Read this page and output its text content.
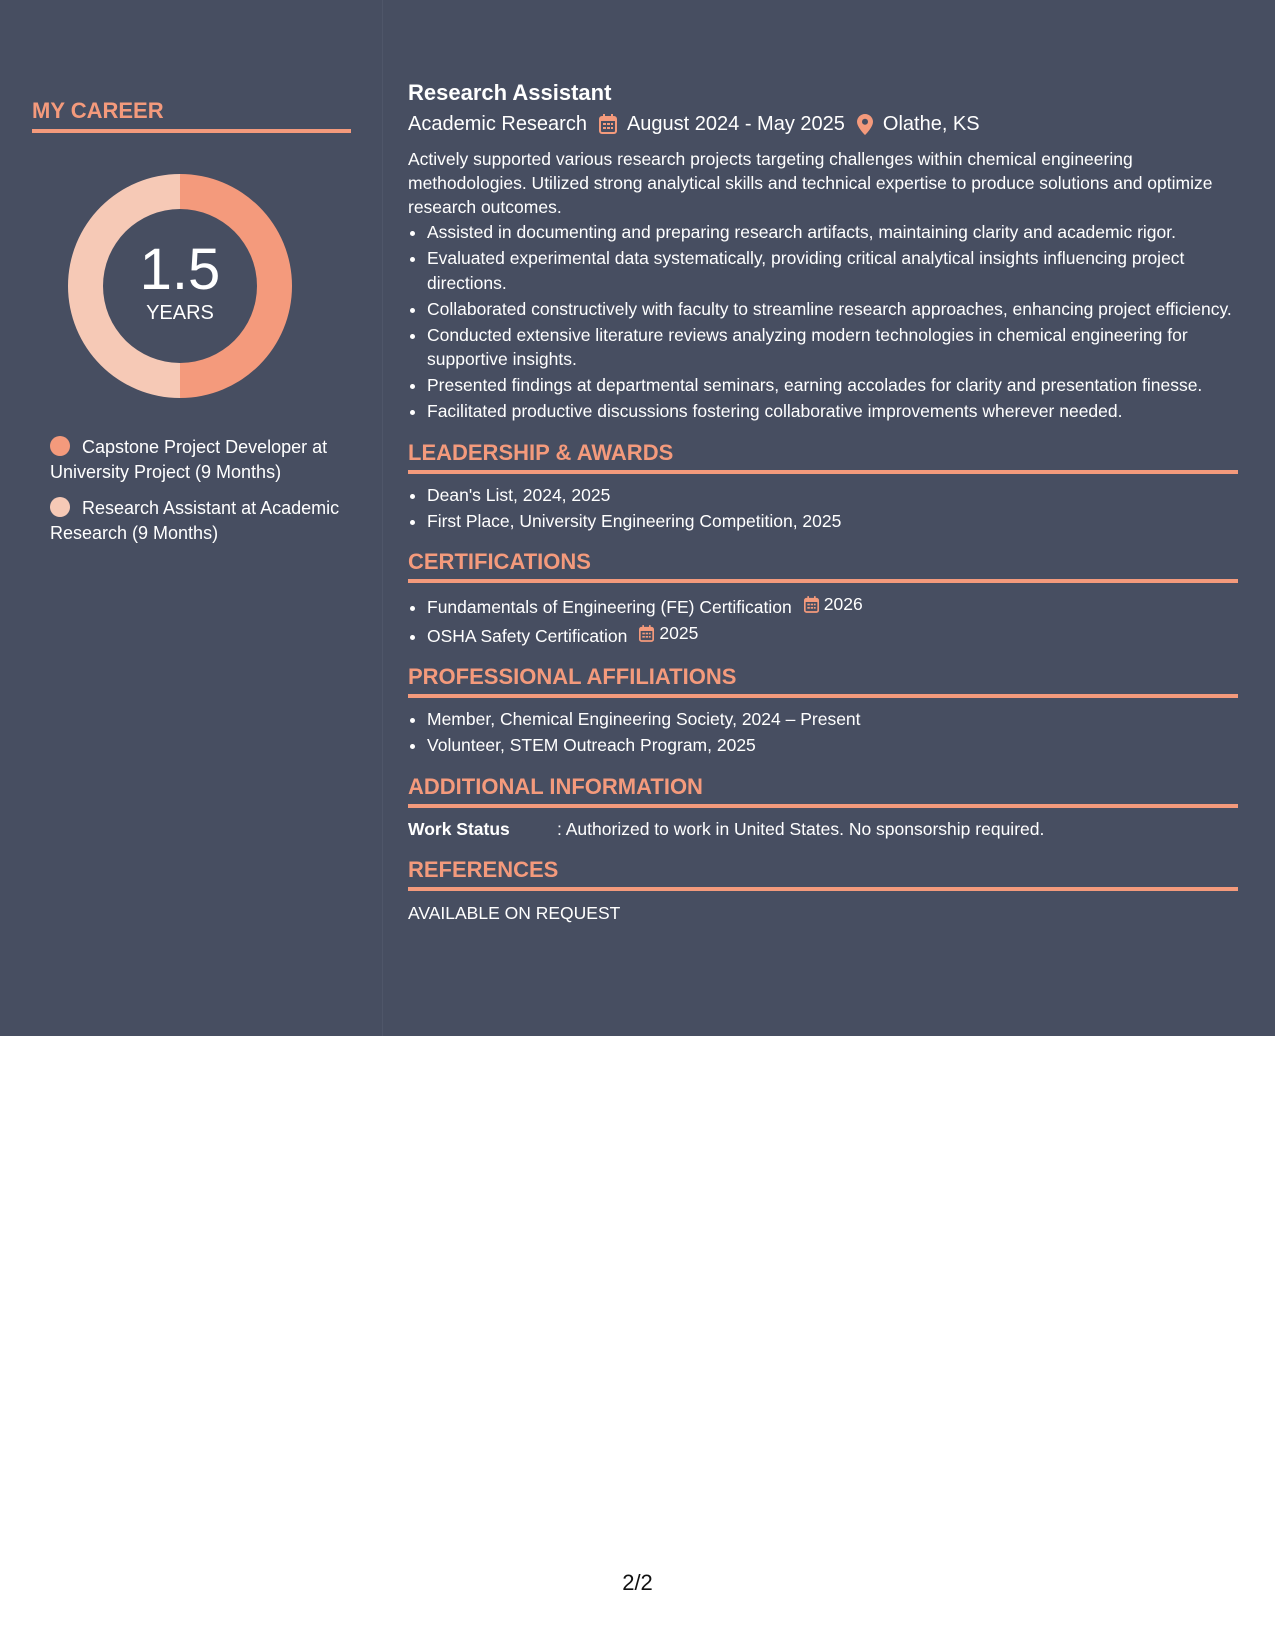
MY CAREER
1.5
YEARS
Capstone Project Developer at University Project (9 Months)
Research Assistant at Academic Research (9 Months)
Research Assistant
Academic Research August 2024 - May 2025 Olathe, KS

Actively supported various research projects targeting challenges within chemical engineering methodologies. Utilized strong analytical skills and technical expertise to produce solutions and optimize research outcomes.

• Assisted in documenting and preparing research artifacts, maintaining clarity and academic rigor.
• Evaluated experimental data systematically, providing critical analytical insights influencing project directions.
• Collaborated constructively with faculty to streamline research approaches, enhancing project efficiency.
• Conducted extensive literature reviews analyzing modern technologies in chemical engineering for supportive insights.
• Presented findings at departmental seminars, earning accolades for clarity and presentation finesse.
• Facilitated productive discussions fostering collaborative improvements wherever needed.
LEADERSHIP & AWARDS
• Dean's List, 2024, 2025
• First Place, University Engineering Competition, 2025
CERTIFICATIONS
• Fundamentals of Engineering (FE) Certification 2026
• OSHA Safety Certification 2025
PROFESSIONAL AFFILIATIONS
• Member, Chemical Engineering Society, 2024 – Present
• Volunteer, STEM Outreach Program, 2025
ADDITIONAL INFORMATION
Work Status	: Authorized to work in United States. No sponsorship required.
REFERENCES
AVAILABLE ON REQUEST
2/2
